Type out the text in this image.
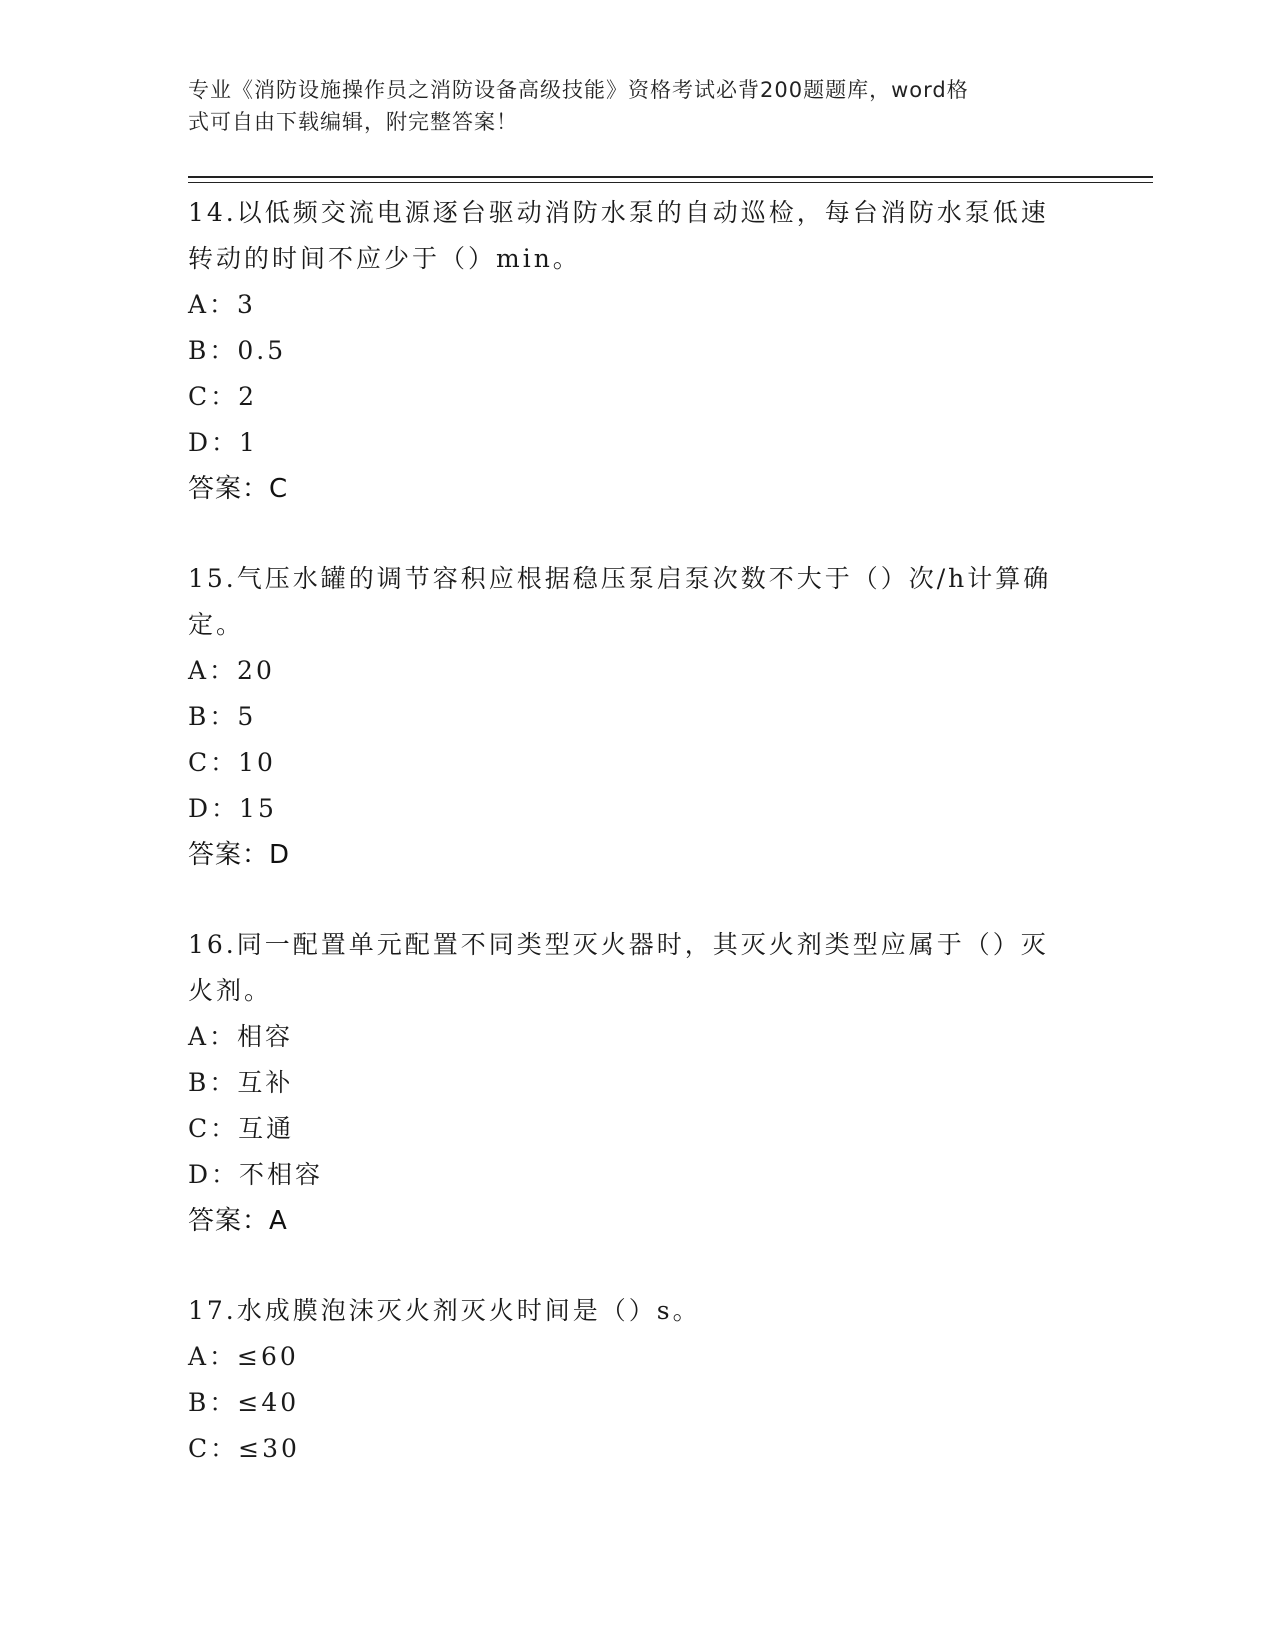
专业《消防设施操作员之消防设备高级技能》资格考试必背200题题库，word格
式可自由下载编辑，附完整答案！
14.以低频交流电源逐台驱动消防水泵的自动巡检，每台消防水泵低速
转动的时间不应少于（）min。
A：3
B：0.5
C：2
D：1
答案：C
15.气压水罐的调节容积应根据稳压泵启泵次数不大于（）次/h计算确
定。
A：20
B：5
C：10
D：15
答案：D
16.同一配置单元配置不同类型灭火器时，其灭火剂类型应属于（）灭
火剂。
A：相容
B：互补
C：互通
D：不相容
答案：A
17.水成膜泡沫灭火剂灭火时间是（）s。
A：≤60
B：≤40
C：≤30
